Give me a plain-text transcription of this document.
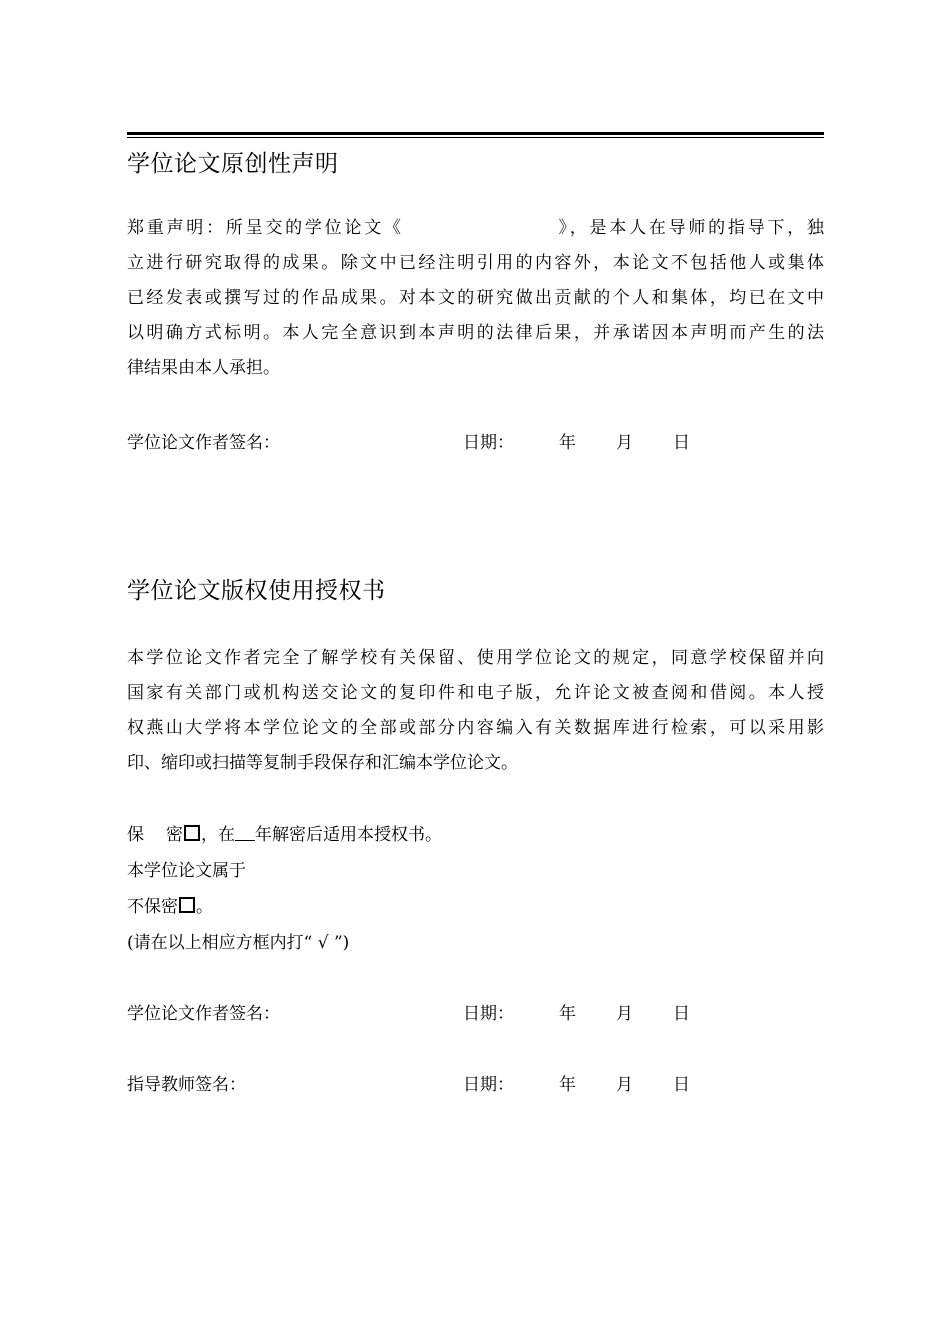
学位论文原创性声明
郑重声明：所呈交的学位论文《	》，是本人在导师的指导下，独
立进行研究取得的成果。除文中已经注明引用的内容外，本论文不包括他人或集体
已经发表或撰写过的作品成果。对本文的研究做出贡献的个人和集体，均已在文中
以明确方式标明。本人完全意识到本声明的法律后果，并承诺因本声明而产生的法
律结果由本人承担。
学位论文作者签名：	日期：	年 月 日
学位论文版权使用授权书
本学位论文作者完全了解学校有关保留、使用学位论文的规定，同意学校保留并向
国家有关部门或机构送交论文的复印件和电子版，允许论文被查阅和借阅。本人授
权燕山大学将本学位论文的全部或部分内容编入有关数据库进行检索，可以采用影
印、缩印或扫描等复制手段保存和汇编本学位论文。
保 密 ，在 年解密后适用本授权书。
本学位论文属于
不保密 。
(请在以上相应方框内打“ √ ”)
学位论文作者签名：	日期：	年 月 日
指导教师签名：	日期：	年 月 日
